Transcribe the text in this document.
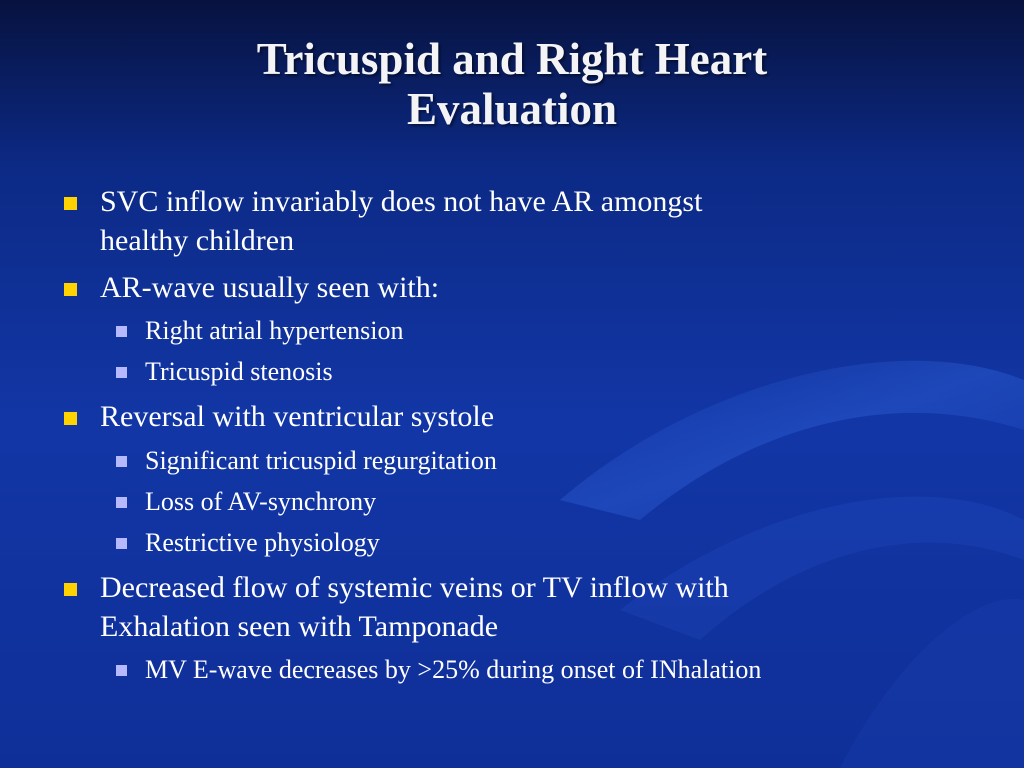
Tricuspid and Right Heart
Evaluation
SVC inflow invariably does not have AR amongst
healthy children
AR-wave usually seen with:
Right atrial hypertension
Tricuspid stenosis
Reversal with ventricular systole
Significant tricuspid regurgitation
Loss of AV-synchrony
Restrictive physiology
Decreased flow of systemic veins or TV inflow with
Exhalation seen with Tamponade
MV E-wave decreases by >25% during onset of INhalation
